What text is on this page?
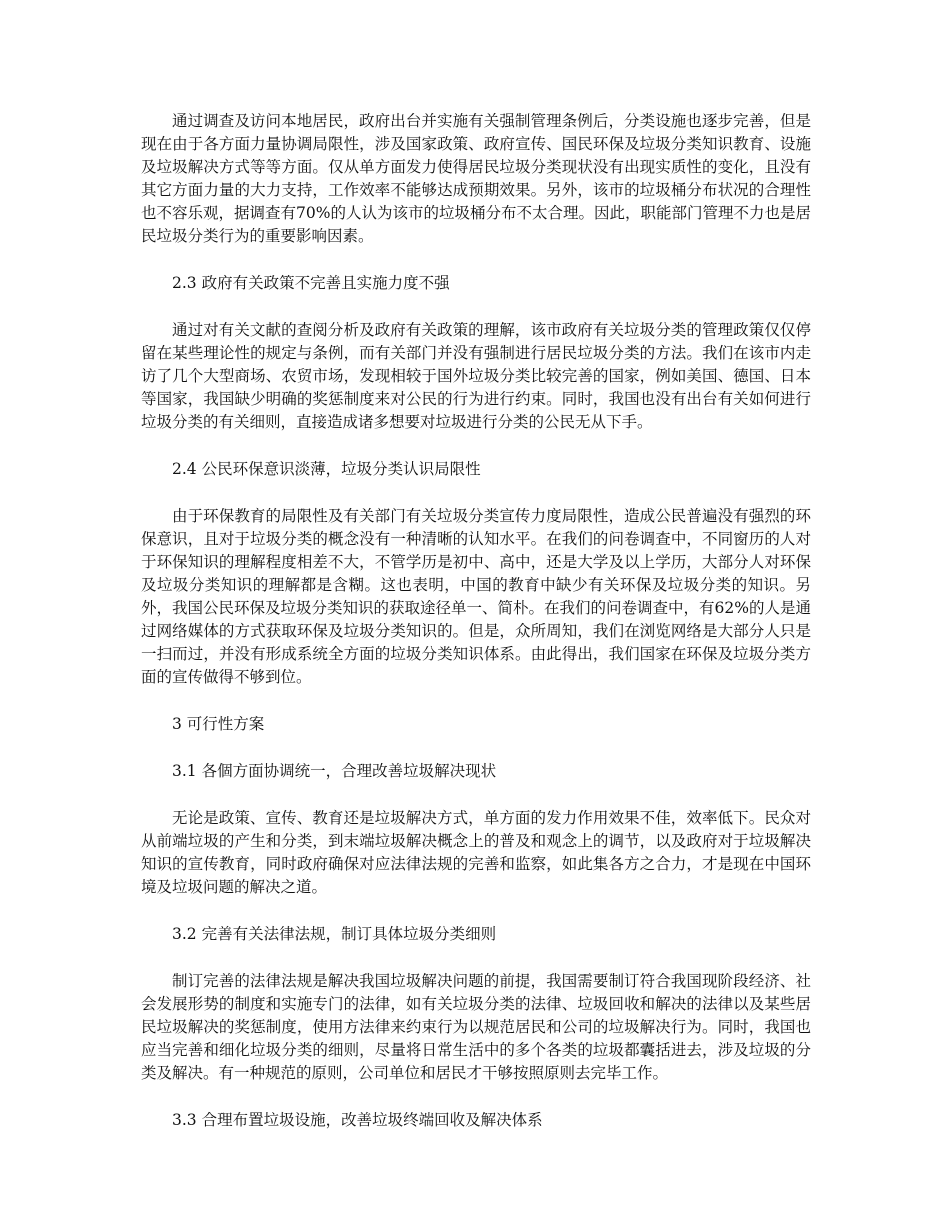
通过调查及访问本地居民，政府出台并实施有关强制管理条例后，分类设施也逐步完善，但是现在由于各方面力量协调局限性，涉及国家政策、政府宣传、国民环保及垃圾分类知识教育、设施及垃圾解决方式等等方面。仅从单方面发力使得居民垃圾分类现状没有出现实质性的变化，且没有其它方面力量的大力支持，工作效率不能够达成预期效果。另外，该市的垃圾桶分布状况的合理性也不容乐观，据调查有70%的人认为该市的垃圾桶分布不太合理。因此，职能部门管理不力也是居民垃圾分类行为的重要影响因素。

2.3 政府有关政策不完善且实施力度不强

通过对有关文献的查阅分析及政府有关政策的理解，该市政府有关垃圾分类的管理政策仅仅停留在某些理论性的规定与条例，而有关部门并没有强制进行居民垃圾分类的方法。我们在该市内走访了几个大型商场、农贸市场，发现相较于国外垃圾分类比较完善的国家，例如美国、德国、日本等国家，我国缺少明确的奖惩制度来对公民的行为进行约束。同时，我国也没有出台有关如何进行垃圾分类的有关细则，直接造成诸多想要对垃圾进行分类的公民无从下手。

2.4 公民环保意识淡薄，垃圾分类认识局限性

由于环保教育的局限性及有关部门有关垃圾分类宣传力度局限性，造成公民普遍没有强烈的环保意识，且对于垃圾分类的概念没有一种清晰的认知水平。在我们的问卷调查中，不同窗历的人对于环保知识的理解程度相差不大，不管学历是初中、高中，还是大学及以上学历，大部分人对环保及垃圾分类知识的理解都是含糊。这也表明，中国的教育中缺少有关环保及垃圾分类的知识。另外，我国公民环保及垃圾分类知识的获取途径单一、简朴。在我们的问卷调查中，有62%的人是通过网络媒体的方式获取环保及垃圾分类知识的。但是，众所周知，我们在浏览网络是大部分人只是一扫而过，并没有形成系统全方面的垃圾分类知识体系。由此得出，我们国家在环保及垃圾分类方面的宣传做得不够到位。

3 可行性方案

3.1 各個方面协调统一，合理改善垃圾解决现状

无论是政策、宣传、教育还是垃圾解决方式，单方面的发力作用效果不佳，效率低下。民众对从前端垃圾的产生和分类，到末端垃圾解决概念上的普及和观念上的调节，以及政府对于垃圾解决知识的宣传教育，同时政府确保对应法律法规的完善和监察，如此集各方之合力，才是现在中国环境及垃圾问题的解决之道。

3.2 完善有关法律法规，制订具体垃圾分类细则

制订完善的法律法规是解决我国垃圾解决问题的前提，我国需要制订符合我国现阶段经济、社会发展形势的制度和实施专门的法律，如有关垃圾分类的法律、垃圾回收和解决的法律以及某些居民垃圾解决的奖惩制度，使用方法律来约束行为以规范居民和公司的垃圾解决行为。同时，我国也应当完善和细化垃圾分类的细则，尽量将日常生活中的多个各类的垃圾都囊括进去，涉及垃圾的分类及解决。有一种规范的原则，公司单位和居民才干够按照原则去完毕工作。

3.3 合理布置垃圾设施，改善垃圾终端回收及解决体系
